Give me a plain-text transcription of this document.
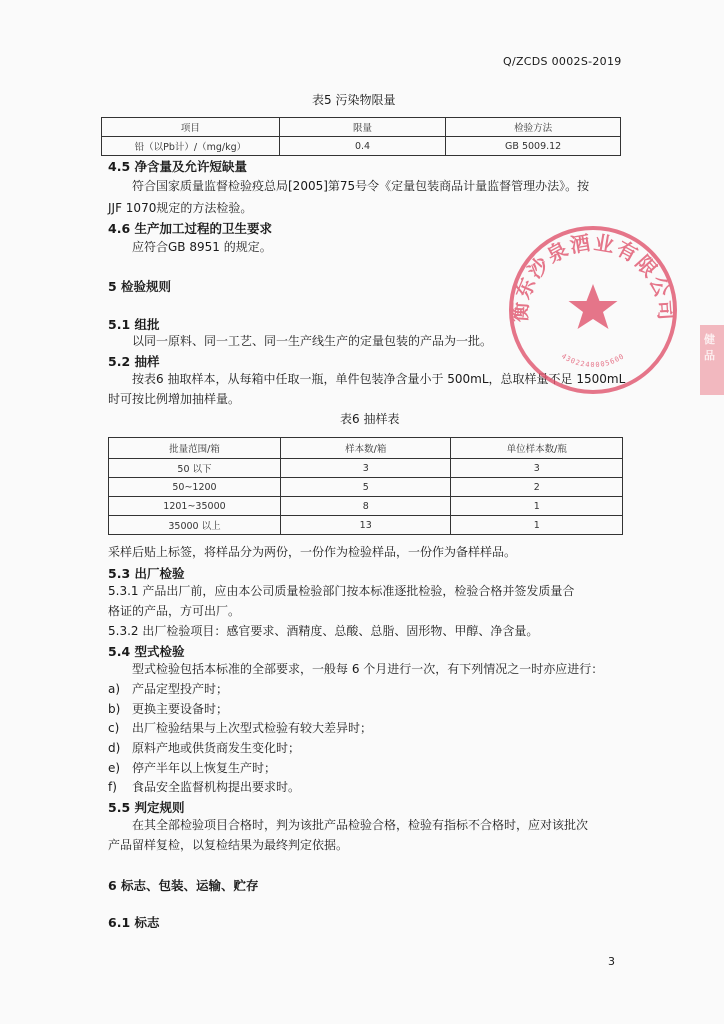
Q/ZCDS 0002S-2019
表5 污染物限量
项目	限量	检验方法
铅（以Pb计）/（mg/kg）	0.4	GB 5009.12
4.5 净含量及允许短缺量
符合国家质量监督检验疫总局[2005]第75号令《定量包装商品计量监督管理办法》。按
JJF 1070规定的方法检验。
4.6 生产加工过程的卫生要求
应符合GB 8951 的规定。
5 检验规则
5.1 组批
以同一原料、同一工艺、同一生产线生产的定量包装的产品为一批。
5.2 抽样
按表6 抽取样本，从每箱中任取一瓶，单件包装净含量小于 500mL，总取样量不足 1500mL
时可按比例增加抽样量。
表6 抽样表
批量范围/箱	样本数/箱	单位样本数/瓶
50 以下	3	3
50~1200	5	2
1201~35000	8	1
35000 以上	13	1
采样后贴上标签，将样品分为两份，一份作为检验样品，一份作为备样样品。
5.3 出厂检验
5.3.1 产品出厂前，应由本公司质量检验部门按本标准逐批检验，检验合格并签发质量合
格证的产品，方可出厂。
5.3.2 出厂检验项目：感官要求、酒精度、总酸、总脂、固形物、甲醇、净含量。
5.4 型式检验
型式检验包括本标准的全部要求，一般每 6 个月进行一次，有下列情况之一时亦应进行：
a) 产品定型投产时；
b) 更换主要设备时；
c) 出厂检验结果与上次型式检验有较大差异时；
d) 原料产地或供货商发生变化时；
e) 停产半年以上恢复生产时；
f) 食品安全监督机构提出要求时。
5.5 判定规则
在其全部检验项目合格时，判为该批产品检验合格，检验有指标不合格时，应对该批次
产品留样复检，以复检结果为最终判定依据。
6 标志、包装、运输、贮存
6.1 标志
3
衡东沙泉酒业有限公司
4302240005600
健品
